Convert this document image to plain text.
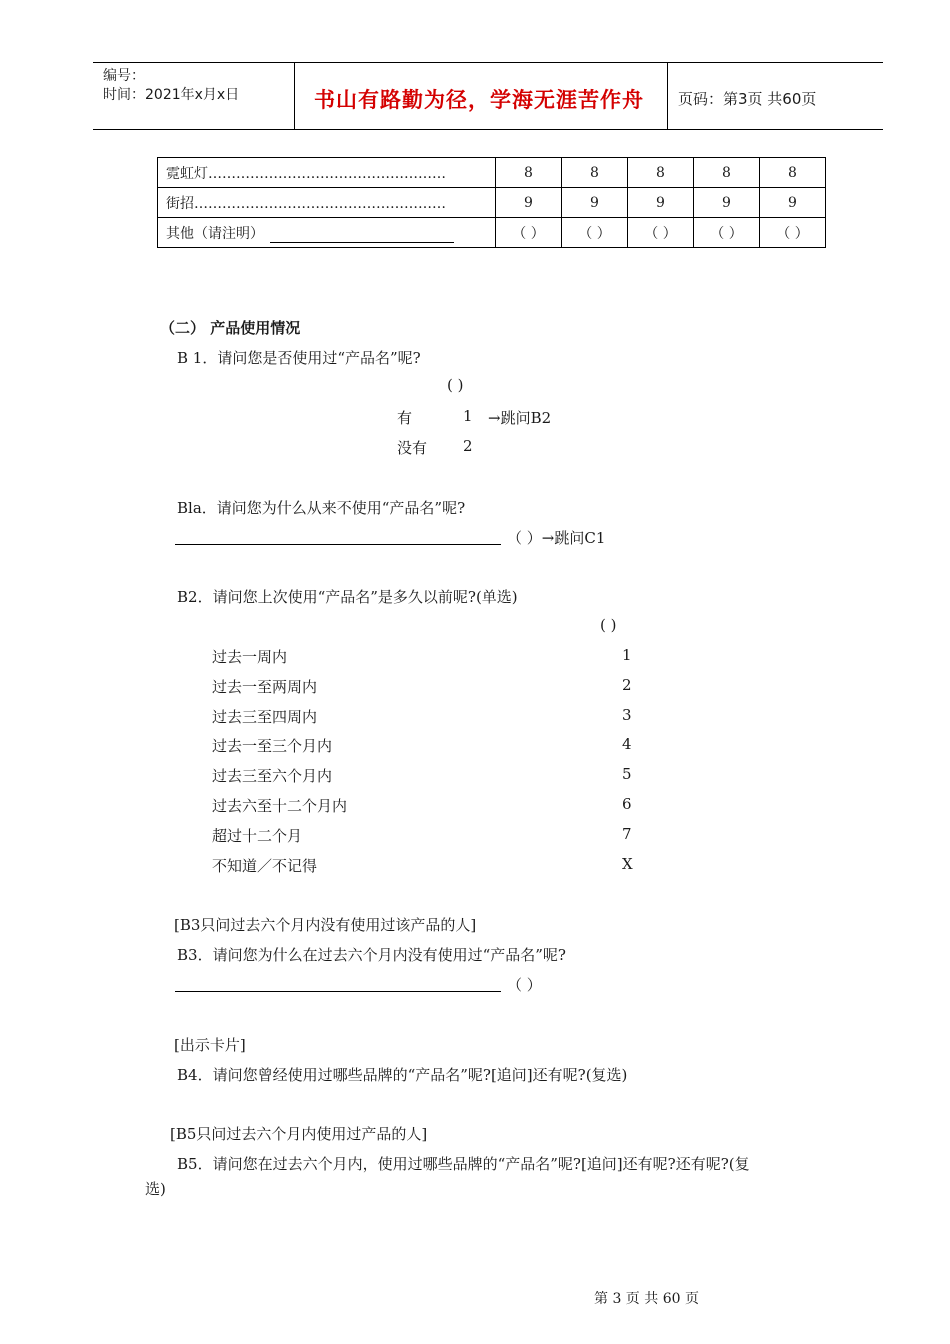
编号：
时间：2021年x月x日	书山有路勤为径，学海无涯苦作舟 页码：第3页 共60页
霓虹灯……………………………………………	8	8	8	8	8
街招………………………………………………	9	9	9	9	9
其他（请注明）	（ ）	（ ）	（ ）	（ ）	（ ）
（二） 产品使用情况
B 1．请问您是否使用过“产品名”呢?
( )
有	1 →跳问B2
没有 2
Bla．请问您为什么从来不使用“产品名”呢?
（ ）→跳问C1
B2．请问您上次使用“产品名”是多久以前呢?(单选)
( )
过去一周内	1
过去一至两周内	2
过去三至四周内	3
过去一至三个月内	4
过去三至六个月内	5
过去六至十二个月内	6
超过十二个月	7
不知道／不记得	X
[B3只问过去六个月内没有使用过该产品的人]
B3．请问您为什么在过去六个月内没有使用过“产品名”呢?
（ ）
[出示卡片]
B4．请问您曾经使用过哪些品牌的“产品名”呢?[追问]还有呢?(复选)
[B5只问过去六个月内使用过产品的人]
B5．请问您在过去六个月内，使用过哪些品牌的“产品名”呢?[追问]还有呢?还有呢?(复
选)
第 3 页 共 60 页
